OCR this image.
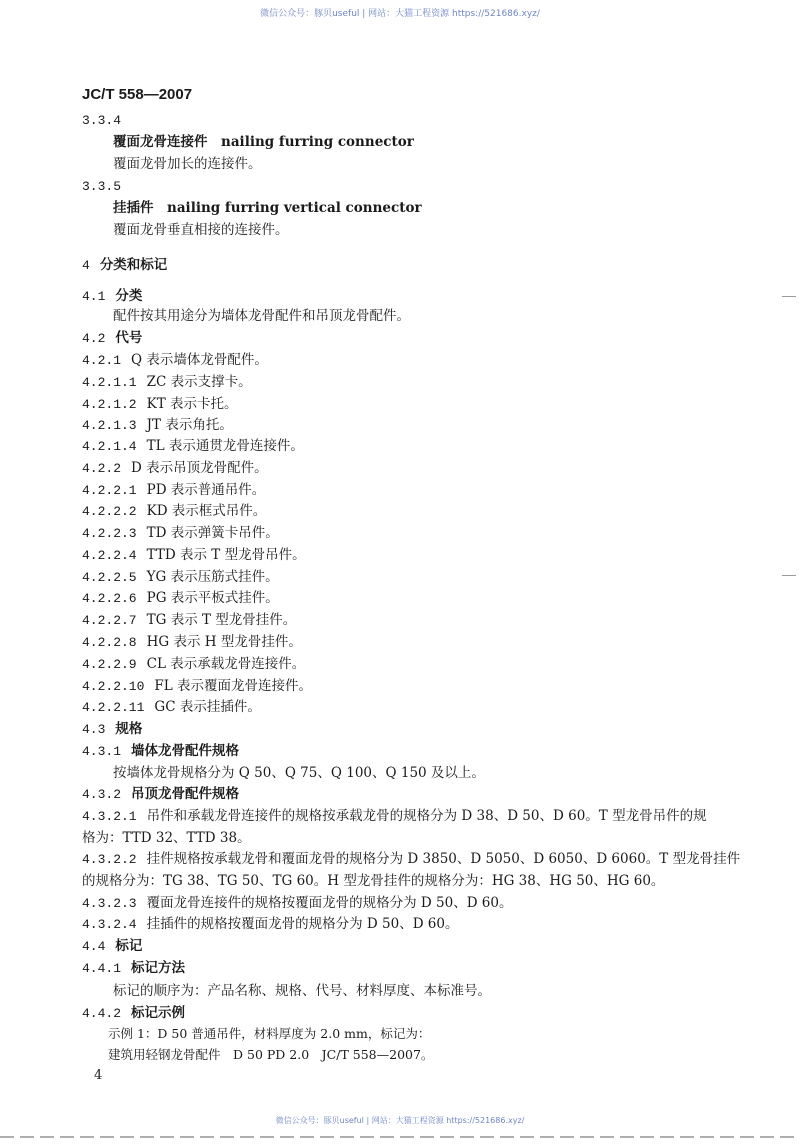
微信公众号：豚贝useful | 网站：大猫工程资源 https://521686.xyz/
JC/T 558—2007
3.3.4
覆面龙骨连接件　nailing furring connector
覆面龙骨加长的连接件。
3.3.5
挂插件　nailing furring vertical connector
覆面龙骨垂直相接的连接件。
4 分类和标记
4.1 分类
配件按其用途分为墙体龙骨配件和吊顶龙骨配件。
4.2 代号
4.2.1 Q 表示墙体龙骨配件。
4.2.1.1 ZC 表示支撑卡。
4.2.1.2 KT 表示卡托。
4.2.1.3 JT 表示角托。
4.2.1.4 TL 表示通贯龙骨连接件。
4.2.2 D 表示吊顶龙骨配件。
4.2.2.1 PD 表示普通吊件。
4.2.2.2 KD 表示框式吊件。
4.2.2.3 TD 表示弹簧卡吊件。
4.2.2.4 TTD 表示 T 型龙骨吊件。
4.2.2.5 YG 表示压筋式挂件。
4.2.2.6 PG 表示平板式挂件。
4.2.2.7 TG 表示 T 型龙骨挂件。
4.2.2.8 HG 表示 H 型龙骨挂件。
4.2.2.9 CL 表示承载龙骨连接件。
4.2.2.10 FL 表示覆面龙骨连接件。
4.2.2.11 GC 表示挂插件。
4.3 规格
4.3.1 墙体龙骨配件规格
按墙体龙骨规格分为 Q 50、Q 75、Q 100、Q 150 及以上。
4.3.2 吊顶龙骨配件规格
4.3.2.1 吊件和承载龙骨连接件的规格按承载龙骨的规格分为 D 38、D 50、D 60。T 型龙骨吊件的规
格为：TTD 32、TTD 38。
4.3.2.2 挂件规格按承载龙骨和覆面龙骨的规格分为 D 3850、D 5050、D 6050、D 6060。T 型龙骨挂件
的规格分为：TG 38、TG 50、TG 60。H 型龙骨挂件的规格分为：HG 38、HG 50、HG 60。
4.3.2.3 覆面龙骨连接件的规格按覆面龙骨的规格分为 D 50、D 60。
4.3.2.4 挂插件的规格按覆面龙骨的规格分为 D 50、D 60。
4.4 标记
4.4.1 标记方法
标记的顺序为：产品名称、规格、代号、材料厚度、本标准号。
4.4.2 标记示例
示例 1：D 50 普通吊件，材料厚度为 2.0 mm，标记为：
建筑用轻钢龙骨配件　D 50 PD 2.0　JC/T 558—2007。
4
微信公众号：豚贝useful | 网站：大猫工程资源 https://521686.xyz/
